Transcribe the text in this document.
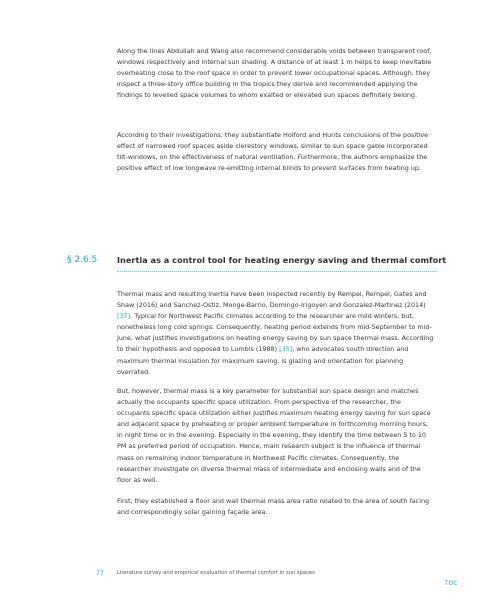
Along the lines Abdullah and Wang also recommend considerable voids between transparent roof, windows respectively and internal sun shading. A distance of at least 1 m helps to keep inevitable overheating close to the roof space in order to prevent lower occupational spaces. Although, they inspect a three-story office building in the tropics they derive and recommended applying the findings to levelled space volumes to whom exalted or elevated sun spaces definitely belong.

According to their investigations, they substantiate Holford and Hunts conclusions of the positive effect of narrowed roof spaces aside clerestory windows, similar to sun space gable incorporated tilt-windows, on the effectiveness of natural ventilation. Furthermore, the authors emphasize the positive effect of low longwave re-emitting internal blinds to prevent surfaces from heating up.

§ 2.6.5 Inertia as a control tool for heating energy saving and thermal comfort

Thermal mass and resulting inertia have been inspected recently by Rempel, Rempel, Gates and Shaw (2016) and Sanchez-Ostiz, Monge-Barrio, Domingo-Irigoyen and Gonzalez-Martinez (2014) [37]. Typical for Northwest Pacific climates according to the researcher are mild winters, but, nonetheless long cold springs. Consequently, heating period extends from mid-September to mid-June, what justifies investigations on heating energy saving by sun space thermal mass. According to their hypothesis and opposed to Lumbis (1988) [35], who advocates south direction and maximum thermal insulation for maximum saving, is glazing and orientation for planning overrated.

But, however, thermal mass is a key parameter for substantial sun space design and matches actually the occupants specific space utilization. From perspective of the researcher, the occupants specific space utilization either justifies maximum heating energy saving for sun space and adjacent space by preheating or proper ambient temperature in forthcoming morning hours, in night time or in the evening. Especially in the evening, they identify the time between 5 to 10 PM as preferred period of occupation. Hence, main research subject is the influence of thermal mass on remaining indoor temperature in Northwest Pacific climates. Consequently, the researcher investigate on diverse thermal mass of intermediate and enclosing walls and of the floor as well.

First, they established a floor and wall thermal mass area ratio related to the area of south facing and correspondingly solar gaining façade area.

77	Literature survey and empirical evaluation of thermal comfort in sun spaces
TOC
